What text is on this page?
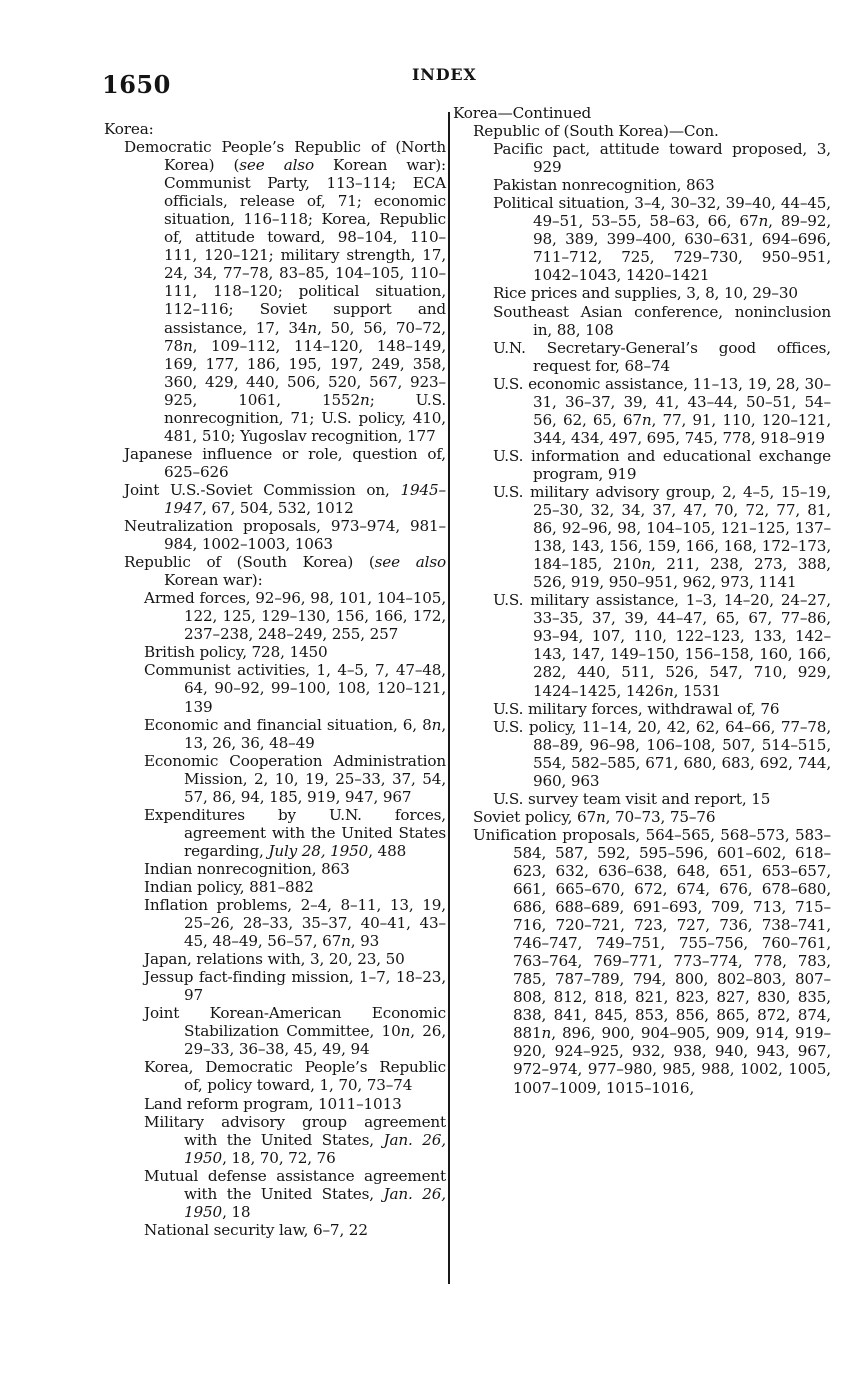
1650	INDEX
Korea:
Democratic People’s Republic of (North Korea) (see also Korean war): Communist Party, 113–114; ECA officials, release of, 71; economic situation, 116–118; Korea, Republic of, attitude toward, 98–104, 110–111, 120–121; military strength, 17, 24, 34, 77–78, 83–85, 104–105, 110–111, 118–120; political situation, 112–116; Soviet support and assistance, 17, 34n, 50, 56, 70–72, 78n, 109–112, 114–120, 148–149, 169, 177, 186, 195, 197, 249, 358, 360, 429, 440, 506, 520, 567, 923–925, 1061, 1552n; U.S. nonrecognition, 71; U.S. policy, 410, 481, 510; Yugoslav recognition, 177
Japanese influence or role, question of, 625–626
Joint U.S.-Soviet Commission on, 1945–1947, 67, 504, 532, 1012
Neutralization proposals, 973–974, 981–984, 1002–1003, 1063
Republic of (South Korea) (see also Korean war):
Armed forces, 92–96, 98, 101, 104–105, 122, 125, 129–130, 156, 166, 172, 237–238, 248–249, 255, 257
British policy, 728, 1450
Communist activities, 1, 4–5, 7, 47–48, 64, 90–92, 99–100, 108, 120–121, 139
Economic and financial situation, 6, 8n, 13, 26, 36, 48–49
Economic Cooperation Administration Mission, 2, 10, 19, 25–33, 37, 54, 57, 86, 94, 185, 919, 947, 967
Expenditures by U.N. forces, agreement with the United States regarding, July 28, 1950, 488
Indian nonrecognition, 863
Indian policy, 881–882
Inflation problems, 2–4, 8–11, 13, 19, 25–26, 28–33, 35–37, 40–41, 43–45, 48–49, 56–57, 67n, 93
Japan, relations with, 3, 20, 23, 50
Jessup fact-finding mission, 1–7, 18–23, 97
Joint Korean-American Economic Stabilization Committee, 10n, 26, 29–33, 36–38, 45, 49, 94
Korea, Democratic People’s Republic of, policy toward, 1, 70, 73–74
Land reform program, 1011–1013
Military advisory group agreement with the United States, Jan. 26, 1950, 18, 70, 72, 76
Mutual defense assistance agreement with the United States, Jan. 26, 1950, 18
National security law, 6–7, 22
Korea—Continued
Republic of (South Korea)—Con.
Pacific pact, attitude toward proposed, 3, 929
Pakistan nonrecognition, 863
Political situation, 3–4, 30–32, 39–40, 44–45, 49–51, 53–55, 58–63, 66, 67n, 89–92, 98, 389, 399–400, 630–631, 694–696, 711–712, 725, 729–730, 950–951, 1042–1043, 1420–1421
Rice prices and supplies, 3, 8, 10, 29–30
Southeast Asian conference, noninclusion in, 88, 108
U.N. Secretary-General’s good offices, request for, 68–74
U.S. economic assistance, 11–13, 19, 28, 30–31, 36–37, 39, 41, 43–44, 50–51, 54–56, 62, 65, 67n, 77, 91, 110, 120–121, 344, 434, 497, 695, 745, 778, 918–919
U.S. information and educational exchange program, 919
U.S. military advisory group, 2, 4–5, 15–19, 25–30, 32, 34, 37, 47, 70, 72, 77, 81, 86, 92–96, 98, 104–105, 121–125, 137–138, 143, 156, 159, 166, 168, 172–173, 184–185, 210n, 211, 238, 273, 388, 526, 919, 950–951, 962, 973, 1141
U.S. military assistance, 1–3, 14–20, 24–27, 33–35, 37, 39, 44–47, 65, 67, 77–86, 93–94, 107, 110, 122–123, 133, 142–143, 147, 149–150, 156–158, 160, 166, 282, 440, 511, 526, 547, 710, 929, 1424–1425, 1426n, 1531
U.S. military forces, withdrawal of, 76
U.S. policy, 11–14, 20, 42, 62, 64–66, 77–78, 88–89, 96–98, 106–108, 507, 514–515, 554, 582–585, 671, 680, 683, 692, 744, 960, 963
U.S. survey team visit and report, 15
Soviet policy, 67n, 70–73, 75–76
Unification proposals, 564–565, 568–573, 583–584, 587, 592, 595–596, 601–602, 618–623, 632, 636–638, 648, 651, 653–657, 661, 665–670, 672, 674, 676, 678–680, 686, 688–689, 691–693, 709, 713, 715–716, 720–721, 723, 727, 736, 738–741, 746–747, 749–751, 755–756, 760–761, 763–764, 769–771, 773–774, 778, 783, 785, 787–789, 794, 800, 802–803, 807–808, 812, 818, 821, 823, 827, 830, 835, 838, 841, 845, 853, 856, 865, 872, 874, 881n, 896, 900, 904–905, 909, 914, 919–920, 924–925, 932, 938, 940, 943, 967, 972–974, 977–980, 985, 988, 1002, 1005, 1007–1009, 1015–1016,
